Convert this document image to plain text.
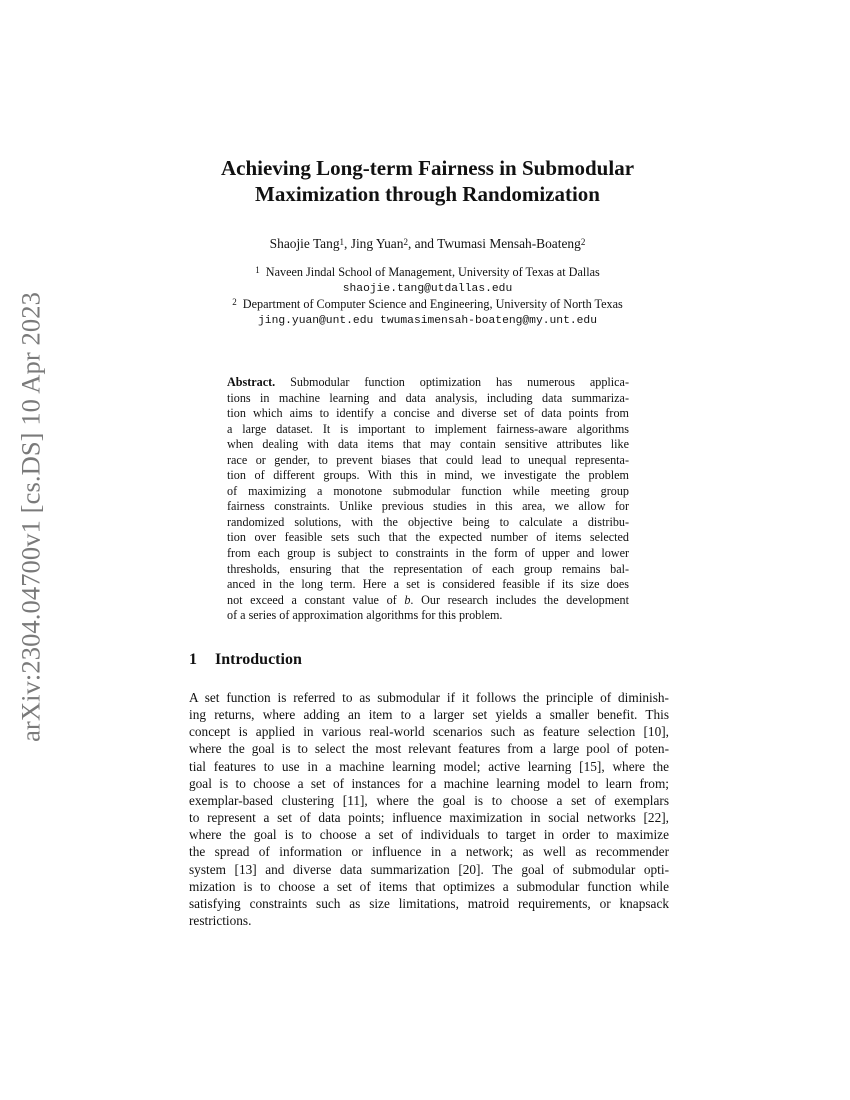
arXiv:2304.04700v1 [cs.DS] 10 Apr 2023
Achieving Long-term Fairness in Submodular
Maximization through Randomization
Shaojie Tang$^1$, Jing Yuan$^2$, and Twumasi Mensah-Boateng$^2$
$^1$ Naveen Jindal School of Management, University of Texas at Dallas
shaojie.tang@utdallas.edu
$^2$ Department of Computer Science and Engineering, University of North Texas
jing.yuan@unt.edu twumasimensah-boateng@my.unt.edu
Abstract. Submodular function optimization has numerous applica-
tions in machine learning and data analysis, including data summariza-
tion which aims to identify a concise and diverse set of data points from
a large dataset. It is important to implement fairness-aware algorithms
when dealing with data items that may contain sensitive attributes like
race or gender, to prevent biases that could lead to unequal representa-
tion of different groups. With this in mind, we investigate the problem
of maximizing a monotone submodular function while meeting group
fairness constraints. Unlike previous studies in this area, we allow for
randomized solutions, with the objective being to calculate a distribu-
tion over feasible sets such that the expected number of items selected
from each group is subject to constraints in the form of upper and lower
thresholds, ensuring that the representation of each group remains bal-
anced in the long term. Here a set is considered feasible if its size does
not exceed a constant value of b. Our research includes the development
of a series of approximation algorithms for this problem.
1 Introduction
A set function is referred to as submodular if it follows the principle of diminish-
ing returns, where adding an item to a larger set yields a smaller benefit. This
concept is applied in various real-world scenarios such as feature selection [10],
where the goal is to select the most relevant features from a large pool of poten-
tial features to use in a machine learning model; active learning [15], where the
goal is to choose a set of instances for a machine learning model to learn from;
exemplar-based clustering [11], where the goal is to choose a set of exemplars
to represent a set of data points; influence maximization in social networks [22],
where the goal is to choose a set of individuals to target in order to maximize
the spread of information or influence in a network; as well as recommender
system [13] and diverse data summarization [20]. The goal of submodular opti-
mization is to choose a set of items that optimizes a submodular function while
satisfying constraints such as size limitations, matroid requirements, or knapsack
restrictions.
